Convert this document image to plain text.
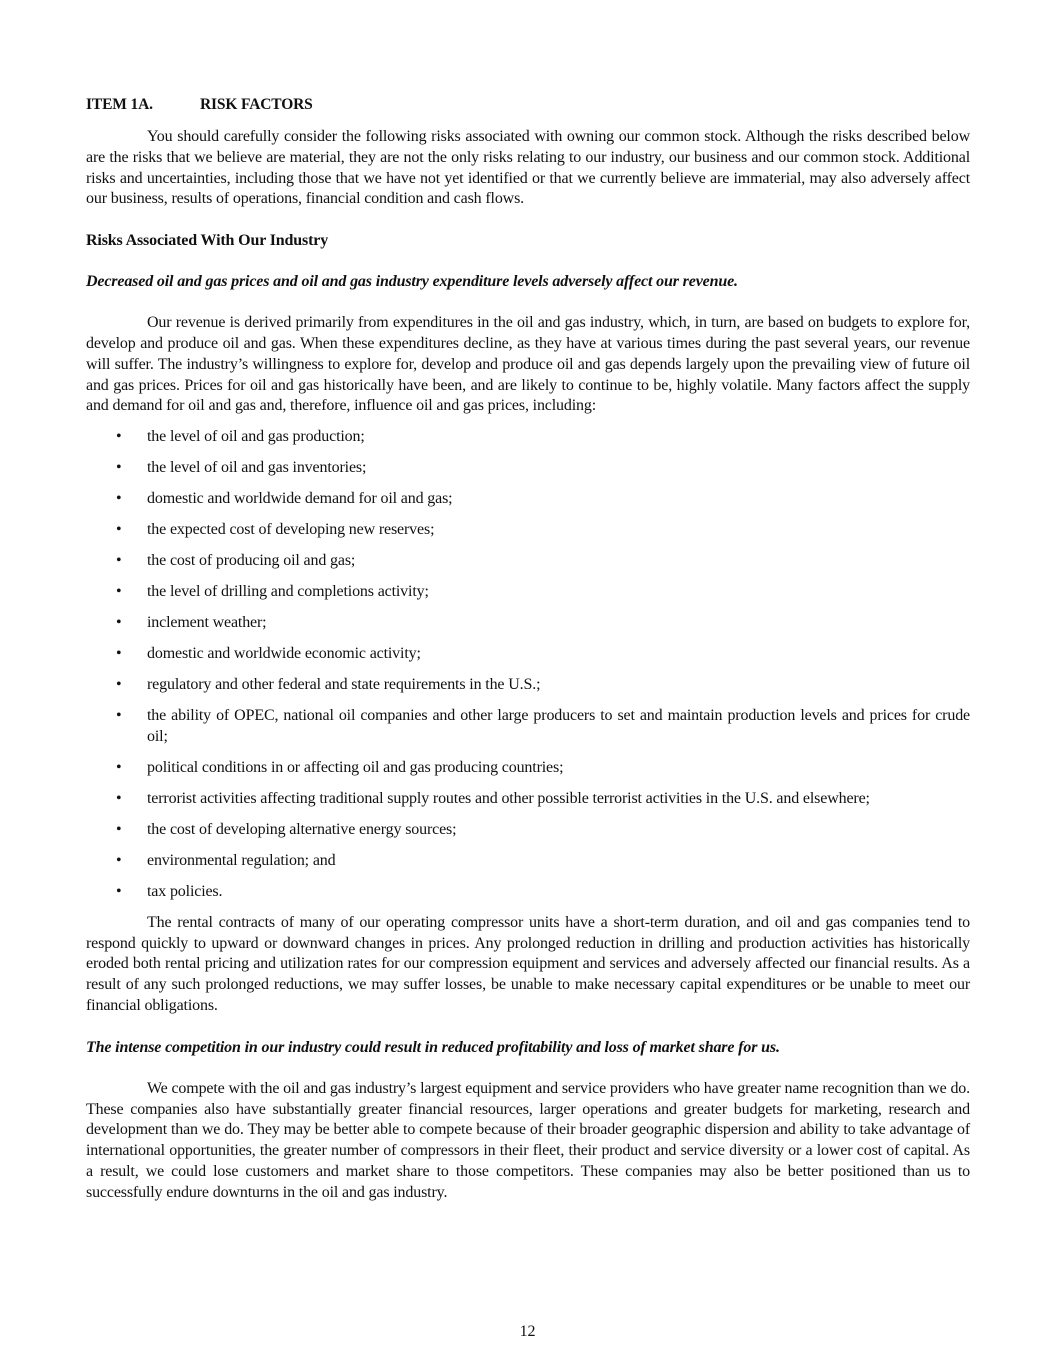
ITEM 1A.	RISK FACTORS

You should carefully consider the following risks associated with owning our common stock. Although the risks described below are the risks that we believe are material, they are not the only risks relating to our industry, our business and our common stock. Additional risks and uncertainties, including those that we have not yet identified or that we currently believe are immaterial, may also adversely affect our business, results of operations, financial condition and cash flows.

Risks Associated With Our Industry
Decreased oil and gas prices and oil and gas industry expenditure levels adversely affect our revenue.

Our revenue is derived primarily from expenditures in the oil and gas industry, which, in turn, are based on budgets to explore for, develop and produce oil and gas. When these expenditures decline, as they have at various times during the past several years, our revenue will suffer. The industry’s willingness to explore for, develop and produce oil and gas depends largely upon the prevailing view of future oil and gas prices. Prices for oil and gas historically have been, and are likely to continue to be, highly volatile. Many factors affect the supply and demand for oil and gas and, therefore, influence oil and gas prices, including:

• the level of oil and gas production;
• the level of oil and gas inventories;
• domestic and worldwide demand for oil and gas;
• the expected cost of developing new reserves;
• the cost of producing oil and gas;
• the level of drilling and completions activity;
• inclement weather;
• domestic and worldwide economic activity;
• regulatory and other federal and state requirements in the U.S.;
• the ability of OPEC, national oil companies and other large producers to set and maintain production levels and prices for crude oil;
• political conditions in or affecting oil and gas producing countries;
• terrorist activities affecting traditional supply routes and other possible terrorist activities in the U.S. and elsewhere;
• the cost of developing alternative energy sources;
• environmental regulation; and
• tax policies.

The rental contracts of many of our operating compressor units have a short-term duration, and oil and gas companies tend to respond quickly to upward or downward changes in prices. Any prolonged reduction in drilling and production activities has historically eroded both rental pricing and utilization rates for our compression equipment and services and adversely affected our financial results. As a result of any such prolonged reductions, we may suffer losses, be unable to make necessary capital expenditures or be unable to meet our financial obligations.

The intense competition in our industry could result in reduced profitability and loss of market share for us.

We compete with the oil and gas industry’s largest equipment and service providers who have greater name recognition than we do. These companies also have substantially greater financial resources, larger operations and greater budgets for marketing, research and development than we do. They may be better able to compete because of their broader geographic dispersion and ability to take advantage of international opportunities, the greater number of compressors in their fleet, their product and service diversity or a lower cost of capital. As a result, we could lose customers and market share to those competitors. These companies may also be better positioned than us to successfully endure downturns in the oil and gas industry.

12
